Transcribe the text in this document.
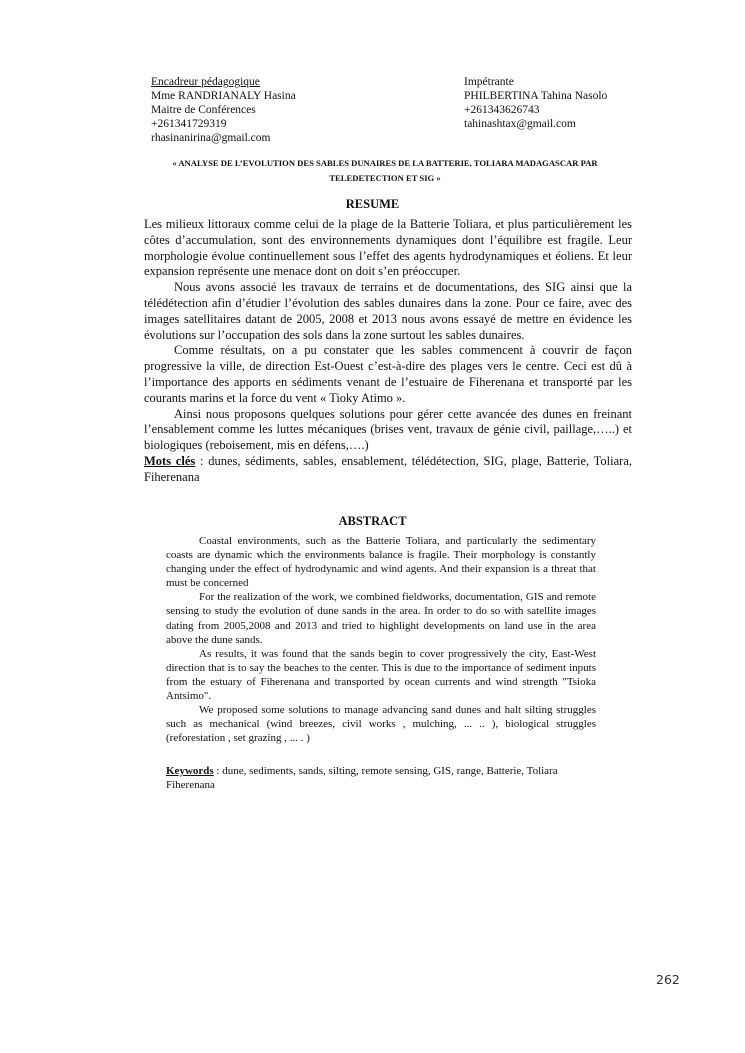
Encadreur pédagogique
Mme RANDRIANALY Hasina
Maitre de Conférences
+261341729319
rhasinanirina@gmail.com
Impétrante
PHILBERTINA Tahina Nasolo
+261343626743
tahinashtax@gmail.com
« ANALYSE DE L’EVOLUTION DES SABLES DUNAIRES DE LA BATTERIE, TOLIARA MADAGASCAR PAR
TELEDETECTION ET SIG »
RESUME

Les milieux littoraux comme celui de la plage de la Batterie Toliara, et plus particulièrement les côtes d’accumulation, sont des environnements dynamiques dont l’équilibre est fragile. Leur morphologie évolue continuellement sous l’effet des agents hydrodynamiques et éoliens. Et leur expansion représente une menace dont on doit s’en préoccuper.

Nous avons associé les travaux de terrains et de documentations, des SIG ainsi que la télédétection afin d’étudier l’évolution des sables dunaires dans la zone. Pour ce faire, avec des images satellitaires datant de 2005, 2008 et 2013 nous avons essayé de mettre en évidence les évolutions sur l’occupation des sols dans la zone surtout les sables dunaires.

Comme résultats, on a pu constater que les sables commencent à couvrir de façon progressive la ville, de direction Est-Ouest c’est-à-dire des plages vers le centre. Ceci est dû à l’importance des apports en sédiments venant de l’estuaire de Fiherenana et transporté par les courants marins et la force du vent « Tioky Atimo ».

Ainsi nous proposons quelques solutions pour gérer cette avancée des dunes en freinant l’ensablement comme les luttes mécaniques (brises vent, travaux de génie civil, paillage,…..) et biologiques (reboisement, mis en défens,….)

Mots clés : dunes, sédiments, sables, ensablement, télédétection, SIG, plage, Batterie, Toliara, Fiherenana

ABSTRACT

Coastal environments, such as the Batterie Toliara, and particularly the sedimentary coasts are dynamic which the environments balance is fragile. Their morphology is constantly changing under the effect of hydrodynamic and wind agents. And their expansion is a threat that must be concerned

For the realization of the work, we combined fieldworks, documentation, GIS and remote sensing to study the evolution of dune sands in the area. In order to do so with satellite images dating from 2005,2008 and 2013 and tried to highlight developments on land use in the area above the dune sands.

As results, it was found that the sands begin to cover progressively the city, East-West direction that is to say the beaches to the center. This is due to the importance of sediment inputs from the estuary of Fiherenana and transported by ocean currents and wind strength "Tsioka Antsimo".

We proposed some solutions to manage advancing sand dunes and halt silting struggles such as mechanical (wind breezes, civil works , mulching, ... .. ), biological struggles (reforestation , set grazing , ... . )

Keywords : dune, sediments, sands, silting, remote sensing, GIS, range, Batterie, Toliara Fiherenana
262
